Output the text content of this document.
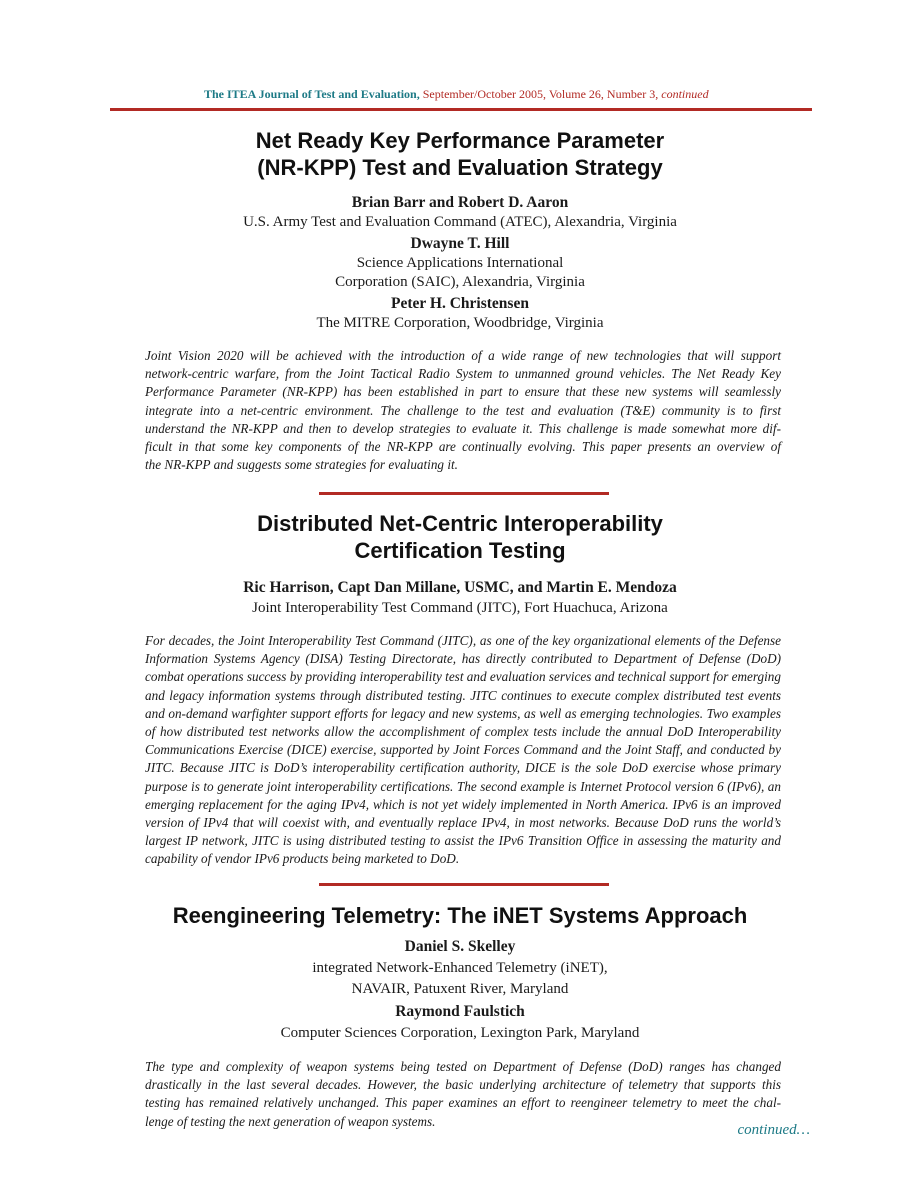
The ITEA Journal of Test and Evaluation, September/October 2005, Volume 26, Number 3, continued
Net Ready Key Performance Parameter
(NR-KPP) Test and Evaluation Strategy
Brian Barr and Robert D. Aaron
U.S. Army Test and Evaluation Command (ATEC), Alexandria, Virginia
Dwayne T. Hill
Science Applications International
Corporation (SAIC), Alexandria, Virginia
Peter H. Christensen
The MITRE Corporation, Woodbridge, Virginia
Joint Vision 2020 will be achieved with the introduction of a wide range of new technologies that will support
network-centric warfare, from the Joint Tactical Radio System to unmanned ground vehicles. The Net Ready Key
Performance Parameter (NR-KPP) has been established in part to ensure that these new systems will seamlessly
integrate into a net-centric environment. The challenge to the test and evaluation (T&E) community is to first
understand the NR-KPP and then to develop strategies to evaluate it. This challenge is made somewhat more dif-
ficult in that some key components of the NR-KPP are continually evolving. This paper presents an overview of
the NR-KPP and suggests some strategies for evaluating it.
Distributed Net-Centric Interoperability
Certification Testing
Ric Harrison, Capt Dan Millane, USMC, and Martin E. Mendoza
Joint Interoperability Test Command (JITC), Fort Huachuca, Arizona
For decades, the Joint Interoperability Test Command (JITC), as one of the key organizational elements of the Defense
Information Systems Agency (DISA) Testing Directorate, has directly contributed to Department of Defense (DoD)
combat operations success by providing interoperability test and evaluation services and technical support for emerging
and legacy information systems through distributed testing. JITC continues to execute complex distributed test events
and on-demand warfighter support efforts for legacy and new systems, as well as emerging technologies. Two examples
of how distributed test networks allow the accomplishment of complex tests include the annual DoD Interoperability
Communications Exercise (DICE) exercise, supported by Joint Forces Command and the Joint Staff, and conducted by
JITC. Because JITC is DoD’s interoperability certification authority, DICE is the sole DoD exercise whose primary
purpose is to generate joint interoperability certifications. The second example is Internet Protocol version 6 (IPv6), an
emerging replacement for the aging IPv4, which is not yet widely implemented in North America. IPv6 is an improved
version of IPv4 that will coexist with, and eventually replace IPv4, in most networks. Because DoD runs the world’s
largest IP network, JITC is using distributed testing to assist the IPv6 Transition Office in assessing the maturity and
capability of vendor IPv6 products being marketed to DoD.
Reengineering Telemetry: The iNET Systems Approach
Daniel S. Skelley
integrated Network-Enhanced Telemetry (iNET),
NAVAIR, Patuxent River, Maryland
Raymond Faulstich
Computer Sciences Corporation, Lexington Park, Maryland
The type and complexity of weapon systems being tested on Department of Defense (DoD) ranges has changed
drastically in the last several decades. However, the basic underlying architecture of telemetry that supports this
testing has remained relatively unchanged. This paper examines an effort to reengineer telemetry to meet the chal-
lenge of testing the next generation of weapon systems.
continued…
